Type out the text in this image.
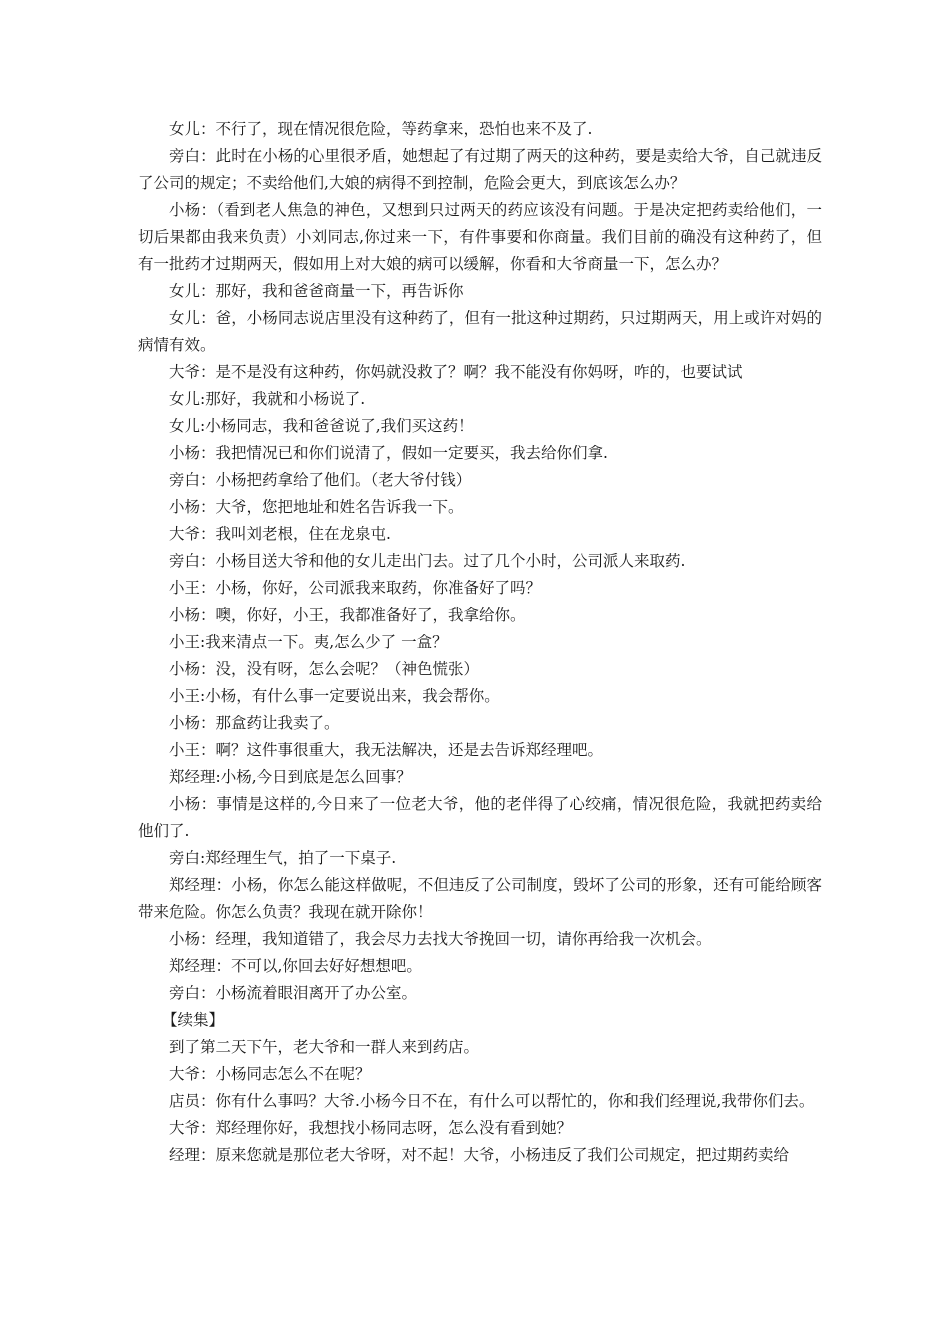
女儿：不行了，现在情况很危险，等药拿来，恐怕也来不及了.

旁白：此时在小杨的心里很矛盾，她想起了有过期了两天的这种药，要是卖给大爷，自己就违反了公司的规定；不卖给他们,大娘的病得不到控制，危险会更大，到底该怎么办？

小杨：（看到老人焦急的神色，又想到只过两天的药应该没有问题。于是决定把药卖给他们，一切后果都由我来负责）小刘同志,你过来一下，有件事要和你商量。我们目前的确没有这种药了，但有一批药才过期两天，假如用上对大娘的病可以缓解，你看和大爷商量一下，怎么办？

女儿：那好，我和爸爸商量一下，再告诉你

女儿：爸，小杨同志说店里没有这种药了，但有一批这种过期药，只过期两天，用上或许对妈的病情有效。

大爷：是不是没有这种药，你妈就没救了？啊？我不能没有你妈呀，咋的，也要试试

女儿:那好，我就和小杨说了.

女儿:小杨同志，我和爸爸说了,我们买这药！

小杨：我把情况已和你们说清了，假如一定要买，我去给你们拿.

旁白：小杨把药拿给了他们。（老大爷付钱）

小杨：大爷，您把地址和姓名告诉我一下。

大爷：我叫刘老根，住在龙泉屯.

旁白：小杨目送大爷和他的女儿走出门去。过了几个小时，公司派人来取药.

小王：小杨，你好，公司派我来取药，你准备好了吗？

小杨：噢，你好，小王，我都准备好了，我拿给你。

小王:我来清点一下。夷,怎么少了 一盒？

小杨：没，没有呀，怎么会呢？（神色慌张）

小王:小杨，有什么事一定要说出来，我会帮你。

小杨：那盒药让我卖了。

小王：啊？这件事很重大，我无法解决，还是去告诉郑经理吧。

郑经理:小杨,今日到底是怎么回事？

小杨：事情是这样的,今日来了一位老大爷，他的老伴得了心绞痛，情况很危险，我就把药卖给他们了.

旁白:郑经理生气，拍了一下桌子.

郑经理：小杨，你怎么能这样做呢，不但违反了公司制度，毁坏了公司的形象，还有可能给顾客带来危险。你怎么负责？我现在就开除你！

小杨：经理，我知道错了，我会尽力去找大爷挽回一切，请你再给我一次机会。

郑经理：不可以,你回去好好想想吧。

旁白：小杨流着眼泪离开了办公室。

【续集】

到了第二天下午，老大爷和一群人来到药店。

大爷：小杨同志怎么不在呢？

店员：你有什么事吗？大爷.小杨今日不在，有什么可以帮忙的，你和我们经理说,我带你们去。

大爷：郑经理你好，我想找小杨同志呀，怎么没有看到她？

经理：原来您就是那位老大爷呀，对不起！大爷，小杨违反了我们公司规定，把过期药卖给
